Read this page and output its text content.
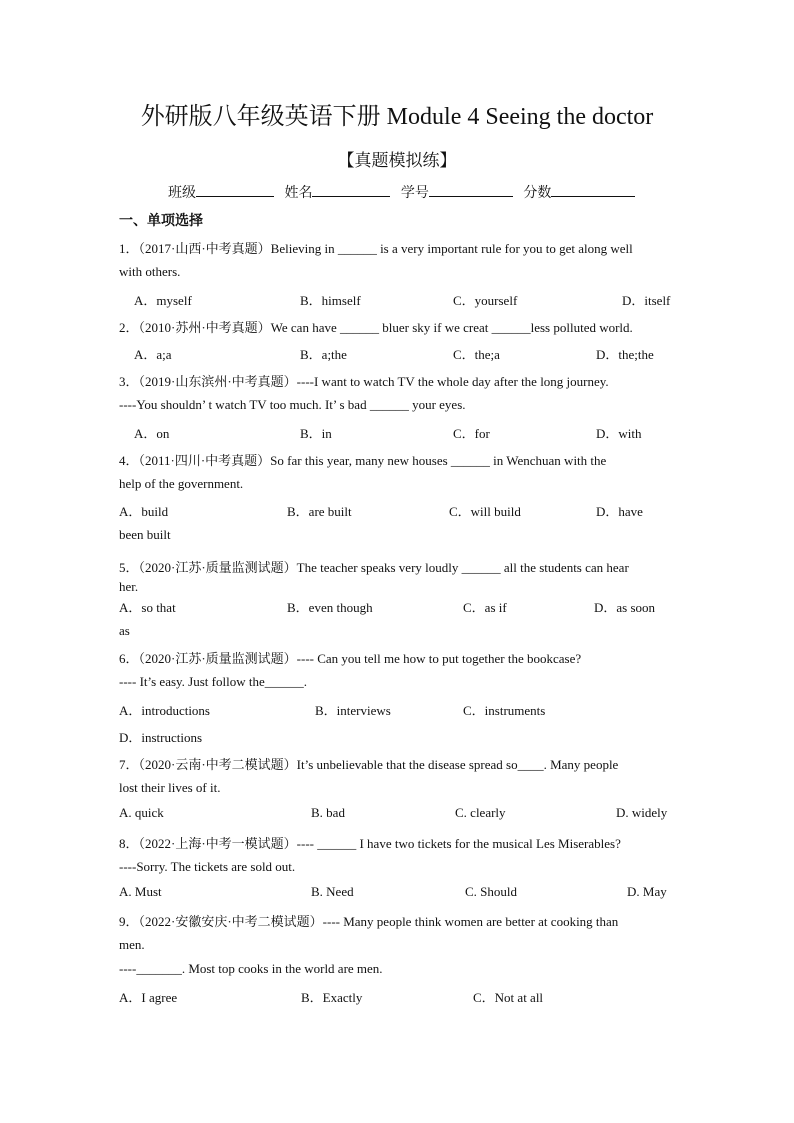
外研版八年级英语下册 Module 4 Seeing the doctor
【真题模拟练】
班级	姓名	学号	分数
一、单项选择
1．（2017·山西·中考真题）Believing in ______ is a very important rule for you to get along well
with others.
A．myself	B．himself	C．yourself	D．itself
2．（2010·苏州·中考真题）We can have ______ bluer sky if we creat ______less polluted world.
A．a;a	B．a;the	C．the;a	D．the;the
3．（2019·山东滨州·中考真题）----I want to watch TV the whole day after the long journey.
----You shouldn’ t watch TV too much. It’ s bad ______ your eyes.
A．on	B．in	C．for	D．with
4．（2011·四川·中考真题）So far this year, many new houses ______ in Wenchuan with the
help of the government.
A．build	B．are built	C．will build	D．have
been built
5．（2020·江苏·质量监测试题）The teacher speaks very loudly ______ all the students can hear
her.
A．so that	B．even though	C．as if	D．as soon
as
6．（2020·江苏·质量监测试题）---- Can you tell me how to put together the bookcase?
---- It’s easy. Just follow the______.
A．introductions	B．interviews	C．instruments
D．instructions
7．（2020·云南·中考二模试题）It’s unbelievable that the disease spread so____. Many people
lost their lives of it.
A. quick	B. bad	C. clearly	D. widely
8．（2022·上海·中考一模试题）---- ______ I have two tickets for the musical Les Miserables?
----Sorry. The tickets are sold out.
A. Must	B. Need	C. Should	D. May
9．（2022·安徽安庆·中考二模试题）---- Many people think women are better at cooking than
men.
----_______. Most top cooks in the world are men.
A．I agree	B．Exactly	C．Not at all
